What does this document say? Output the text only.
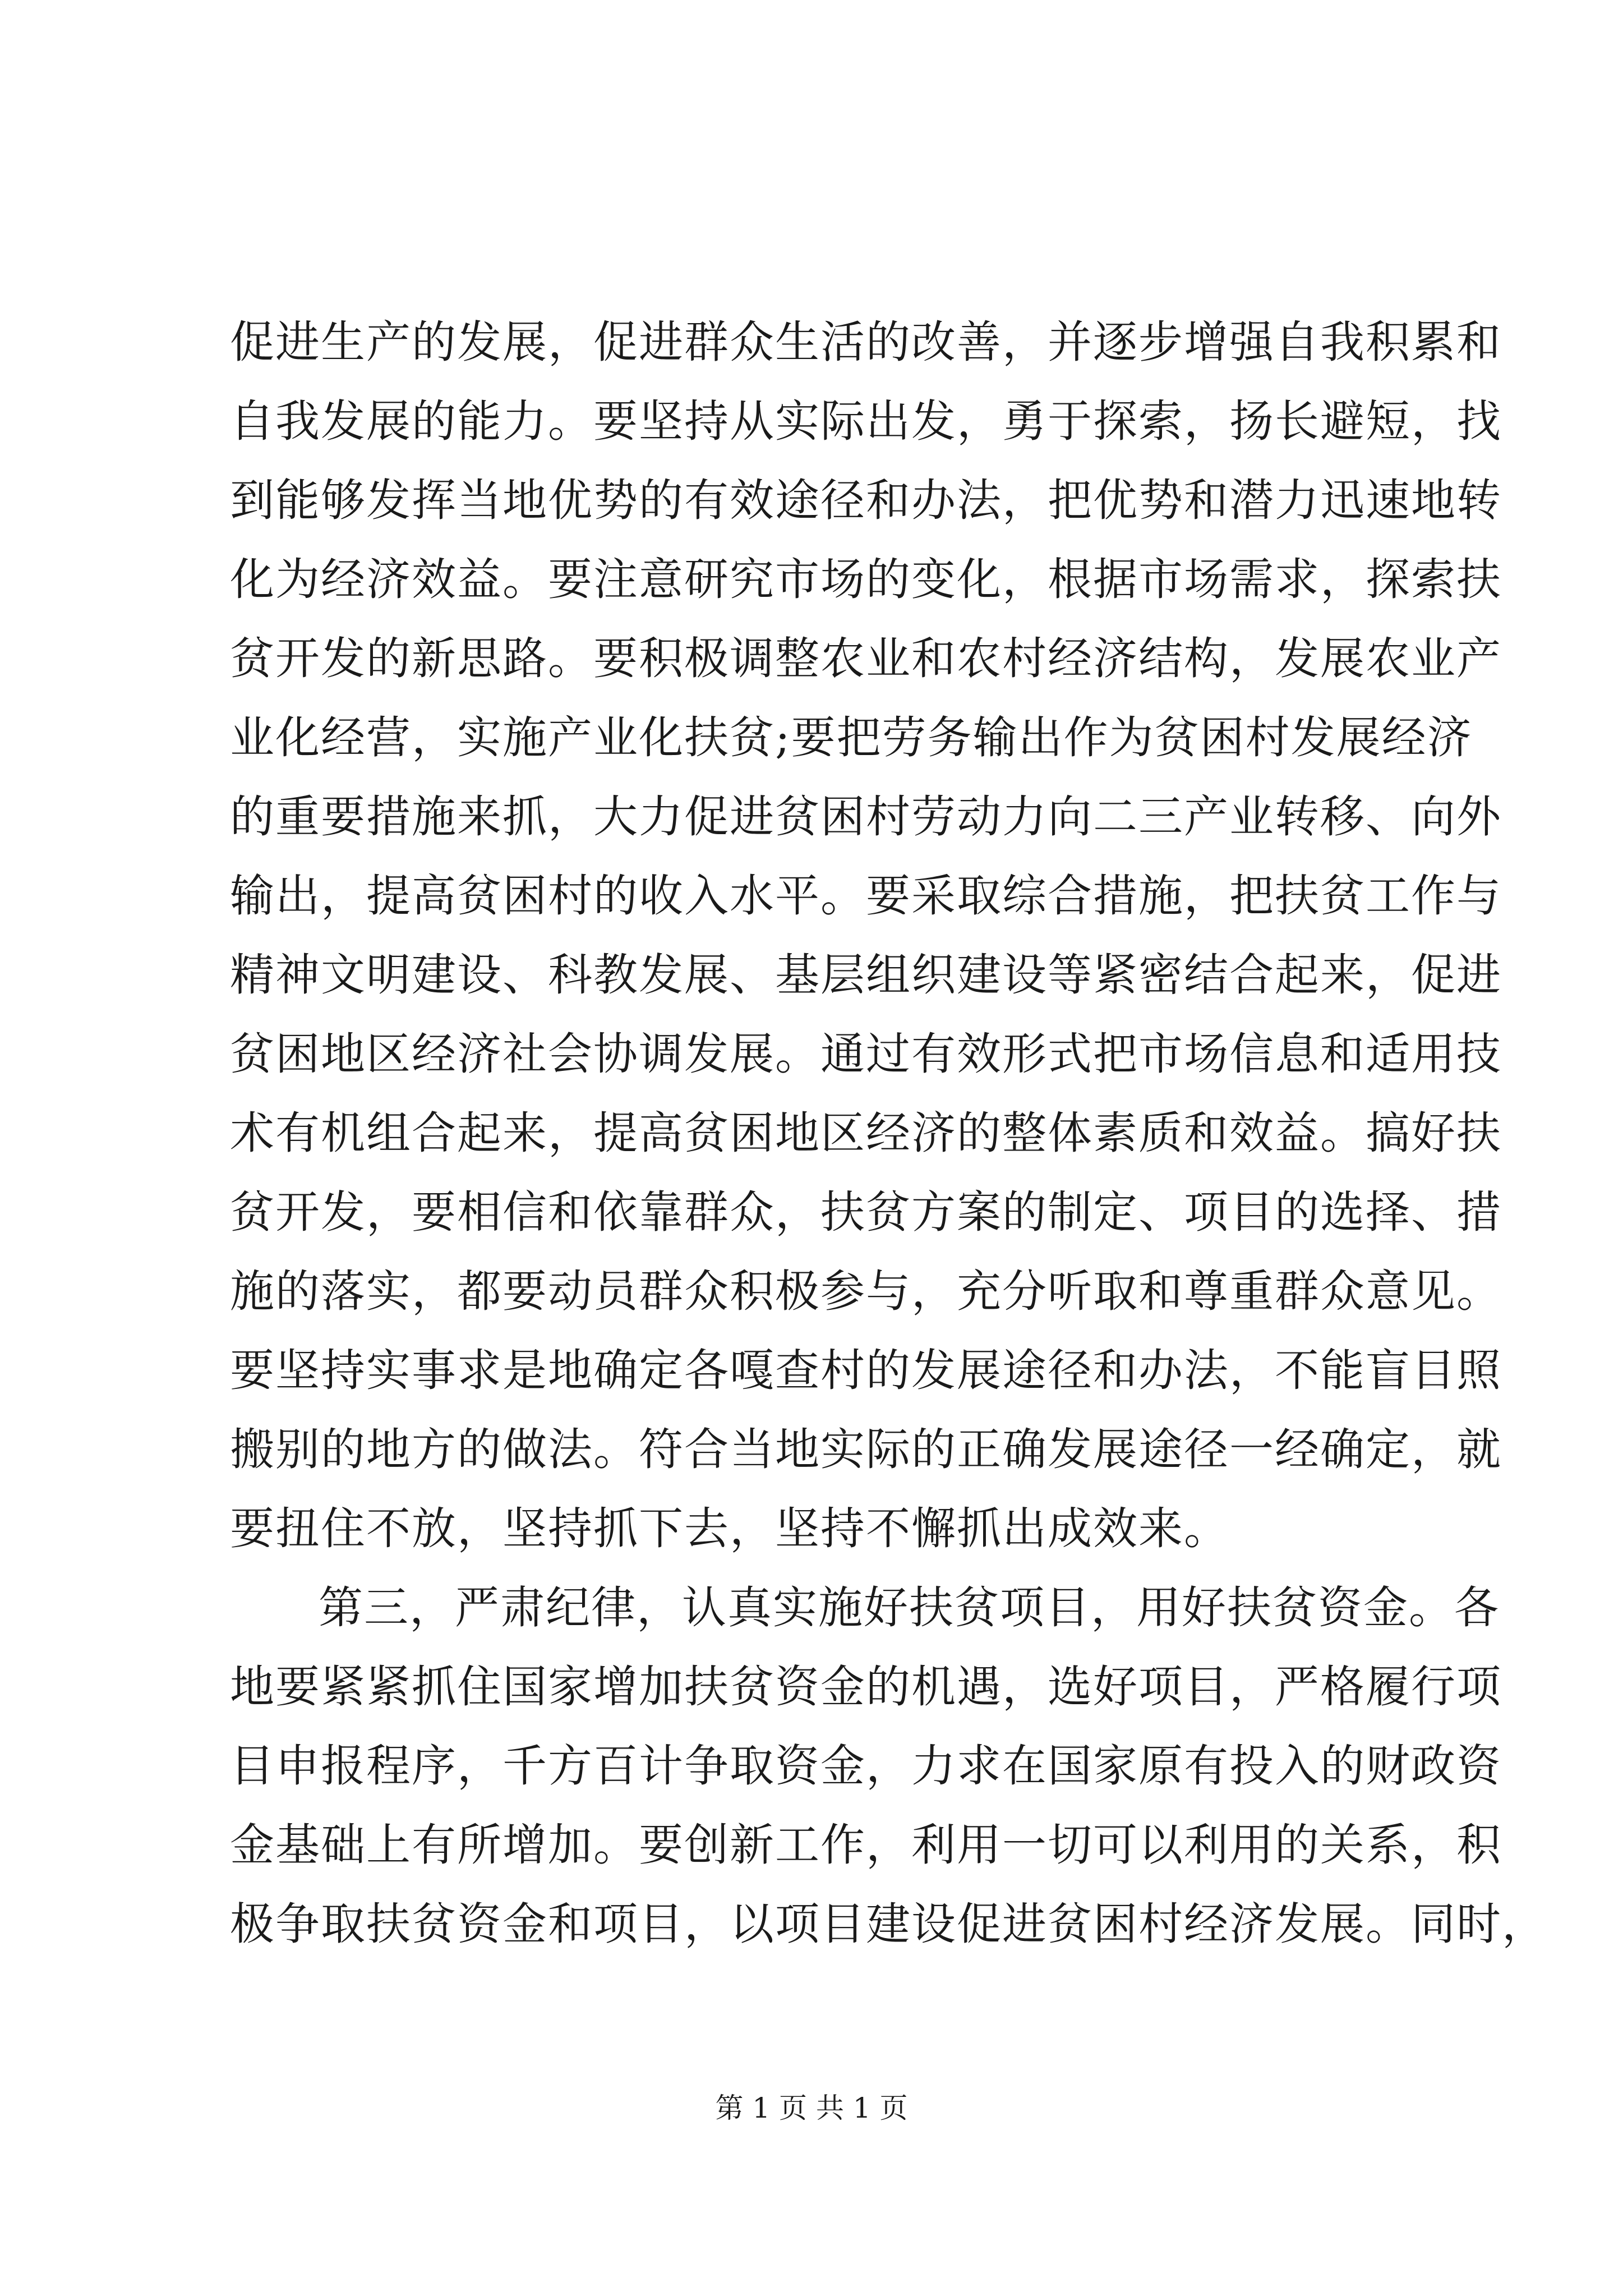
促进生产的发展，促进群众生活的改善，并逐步增强自我积累和
自我发展的能力。要坚持从实际出发，勇于探索，扬长避短，找
到能够发挥当地优势的有效途径和办法，把优势和潜力迅速地转
化为经济效益。要注意研究市场的变化，根据市场需求，探索扶
贫开发的新思路。要积极调整农业和农村经济结构，发展农业产
业化经营，实施产业化扶贫;要把劳务输出作为贫困村发展经济
的重要措施来抓，大力促进贫困村劳动力向二三产业转移、向外
输出，提高贫困村的收入水平。要采取综合措施，把扶贫工作与
精神文明建设、科教发展、基层组织建设等紧密结合起来，促进
贫困地区经济社会协调发展。通过有效形式把市场信息和适用技
术有机组合起来，提高贫困地区经济的整体素质和效益。搞好扶
贫开发，要相信和依靠群众，扶贫方案的制定、项目的选择、措
施的落实，都要动员群众积极参与，充分听取和尊重群众意见。
要坚持实事求是地确定各嘎查村的发展途径和办法，不能盲目照
搬别的地方的做法。符合当地实际的正确发展途径一经确定，就
要扭住不放，坚持抓下去，坚持不懈抓出成效来。
第三，严肃纪律，认真实施好扶贫项目，用好扶贫资金。各
地要紧紧抓住国家增加扶贫资金的机遇，选好项目，严格履行项
目申报程序，千方百计争取资金，力求在国家原有投入的财政资
金基础上有所增加。要创新工作，利用一切可以利用的关系，积
极争取扶贫资金和项目，以项目建设促进贫困村经济发展。同时，
第 1 页 共 1 页
